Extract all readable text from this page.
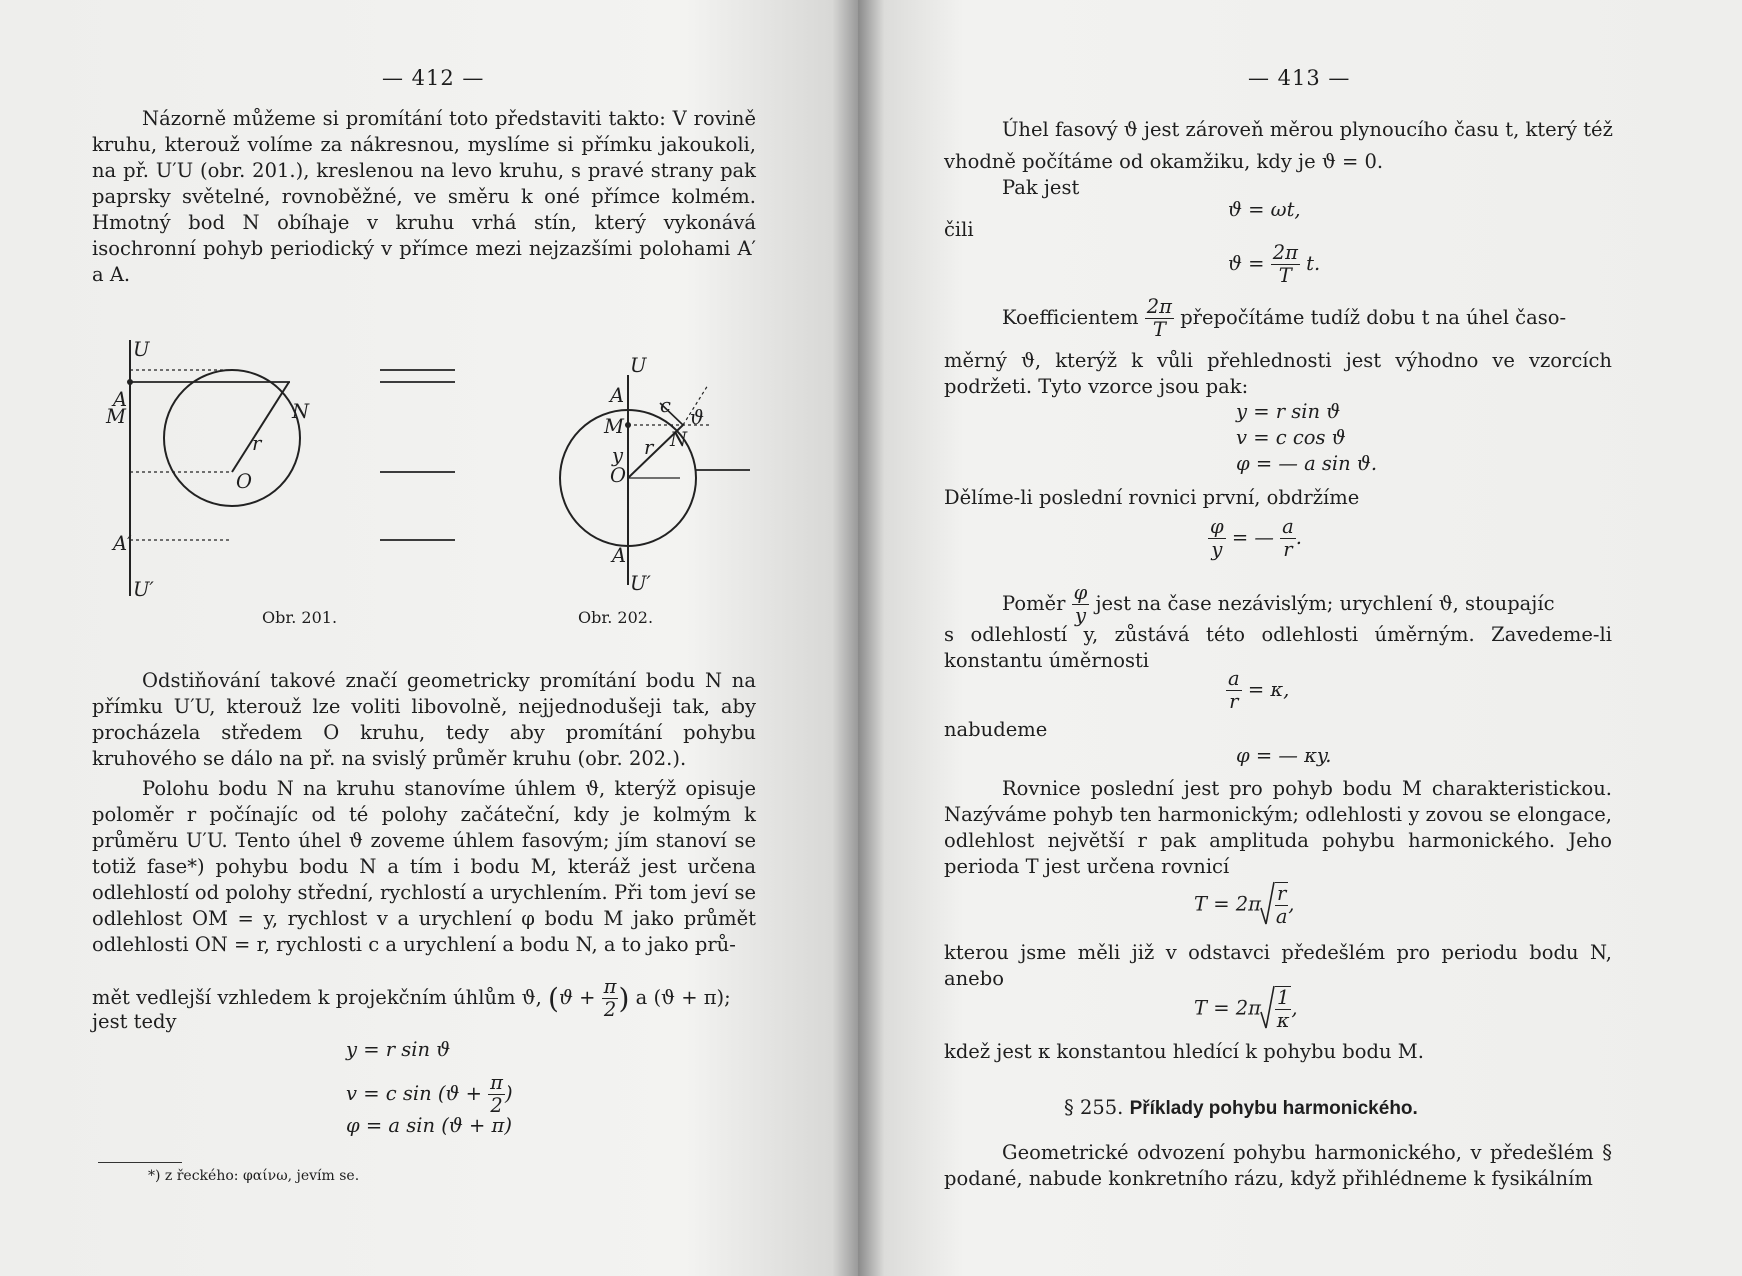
— 412 —

Názorně můžeme si promítání toto představiti takto: V rovině kruhu, kterouž volíme za nákresnou, myslíme si přímku jakoukoli, na př. U′U (obr. 201.), kreslenou na levo kruhu, s pravé strany pak paprsky světelné, rovnoběžné, ve směru k oné přímce kolmém. Hmotný bod N obíhaje v kruhu vrhá stín, který vykonává isochronní pohyb periodický v přímce mezi nejzazšími polohami A′ a A.

U
A
M	N
r
O
A′
U′
Obr. 201.
U
A c
M	ϑ
N
y r
O
A
U′
Obr. 202.

Odstiňování takové značí geometricky promítání bodu N na přímku U′U, kterouž lze voliti libovolně, nejjednodušeji tak, aby procházela středem O kruhu, tedy aby promítání pohybu kruhového se dálo na př. na svislý průměr kruhu (obr. 202.).

Polohu bodu N na kruhu stanovíme úhlem ϑ, kterýž opisuje poloměr r počínajíc od té polohy začáteční, kdy je kolmým k průměru U′U. Tento úhel ϑ zoveme úhlem fasovým; jím stanoví se totiž fase*) pohybu bodu N a tím i bodu M, kteráž jest určena odlehlostí od polohy střední, rychlostí a urychlením. Při tom jeví se odlehlost OM = y, rychlost v a urychlení φ bodu M jako průmět odlehlosti ON = r, rychlosti c a urychlení a bodu N, a to jako prů-

mět vedlejší vzhledem k projekčním úhlům ϑ, ($ϑ + \frac{\pi}{2}$ ) a (ϑ + π);
jest tedy
y = r sin ϑ
v = c $\sin (ϑ + \frac{\pi}{2}$ )
φ = a sin (ϑ + π)
*) z řeckého: φαίνω, jevím se.
— 413 —
Úhel fasový ϑ jest zároveň měrou plynoucího času t, který též
vhodně počítáme od okamžiku, kdy je ϑ = 0.
Pak jest
ϑ = ωt,
čili
$ϑ = \frac{2\pi}{T} t$.
Koefficientem $\frac{2\pi}{T}$ přepočítáme tudíž dobu t na úhel časo-

měrný ϑ, kterýž k vůli přehlednosti jest výhodno ve vzorcích podržeti. Tyto vzorce jsou pak:

y = r sin ϑ
v = c cos ϑ
φ = — a sin ϑ.
Dělíme-li poslední rovnici první, obdržíme
$\frac{\varphi}{y}$ = — $\frac{a}{r}$ .
Poměr $\frac{\varphi}{y}$ jest na čase nezávislým; urychlení ϑ, stoupajíc

s odlehlostí y, zůstává této odlehlosti úměrným. Zavedeme-li konstantu úměrnosti

$\frac{a}{r} = \kappa$,
nabudeme
φ = — κy.

Rovnice poslední jest pro pohyb bodu M charakteristickou. Nazýváme pohyb ten harmonickým; odlehlosti y zovou se elongace, odlehlost největší r pak amplituda pohybu harmonického. Jeho perioda T jest určena rovnicí

$T = 2\pi \frac{r}{a}$ ,

kterou jsme měli již v odstavci předešlém pro periodu bodu N, anebo

$T = 2\pi \frac{1}{\kappa}$ ,
kdež jest κ konstantou hledící k pohybu bodu M.
§ 255. Příklady pohybu harmonického.

Geometrické odvození pohybu harmonického, v předešlém § podané, nabude konkretního rázu, když přihlédneme k fysikálním
